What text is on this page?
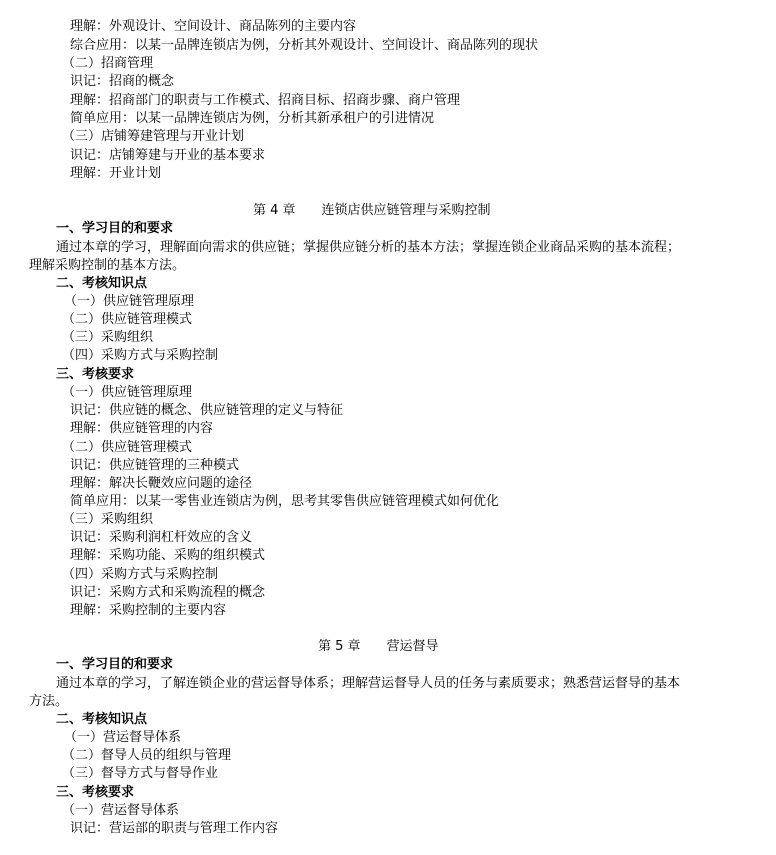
理解：外观设计、空间设计、商品陈列的主要内容
综合应用：以某一品牌连锁店为例，分析其外观设计、空间设计、商品陈列的现状
（二）招商管理
识记：招商的概念
理解：招商部门的职责与工作模式、招商目标、招商步骤、商户管理
简单应用：以某一品牌连锁店为例，分析其新承租户的引进情况
（三）店铺筹建管理与开业计划
识记：店铺筹建与开业的基本要求
理解：开业计划
第 4 章　　连锁店供应链管理与采购控制
一、学习目的和要求
通过本章的学习，理解面向需求的供应链；掌握供应链分析的基本方法；掌握连锁企业商品采购的基本流程；
理解采购控制的基本方法。
二、考核知识点
（一）供应链管理原理
（二）供应链管理模式
（三）采购组织
（四）采购方式与采购控制
三、考核要求
（一）供应链管理原理
识记：供应链的概念、供应链管理的定义与特征
理解：供应链管理的内容
（二）供应链管理模式
识记：供应链管理的三种模式
理解：解决长鞭效应问题的途径
简单应用：以某一零售业连锁店为例，思考其零售供应链管理模式如何优化
（三）采购组织
识记：采购利润杠杆效应的含义
理解：采购功能、采购的组织模式
（四）采购方式与采购控制
识记：采购方式和采购流程的概念
理解：采购控制的主要内容
第 5 章　　营运督导
一、学习目的和要求
通过本章的学习，了解连锁企业的营运督导体系；理解营运督导人员的任务与素质要求；熟悉营运督导的基本
方法。
二、考核知识点
（一）营运督导体系
（二）督导人员的组织与管理
（三）督导方式与督导作业
三、考核要求
（一）营运督导体系
识记：营运部的职责与管理工作内容
